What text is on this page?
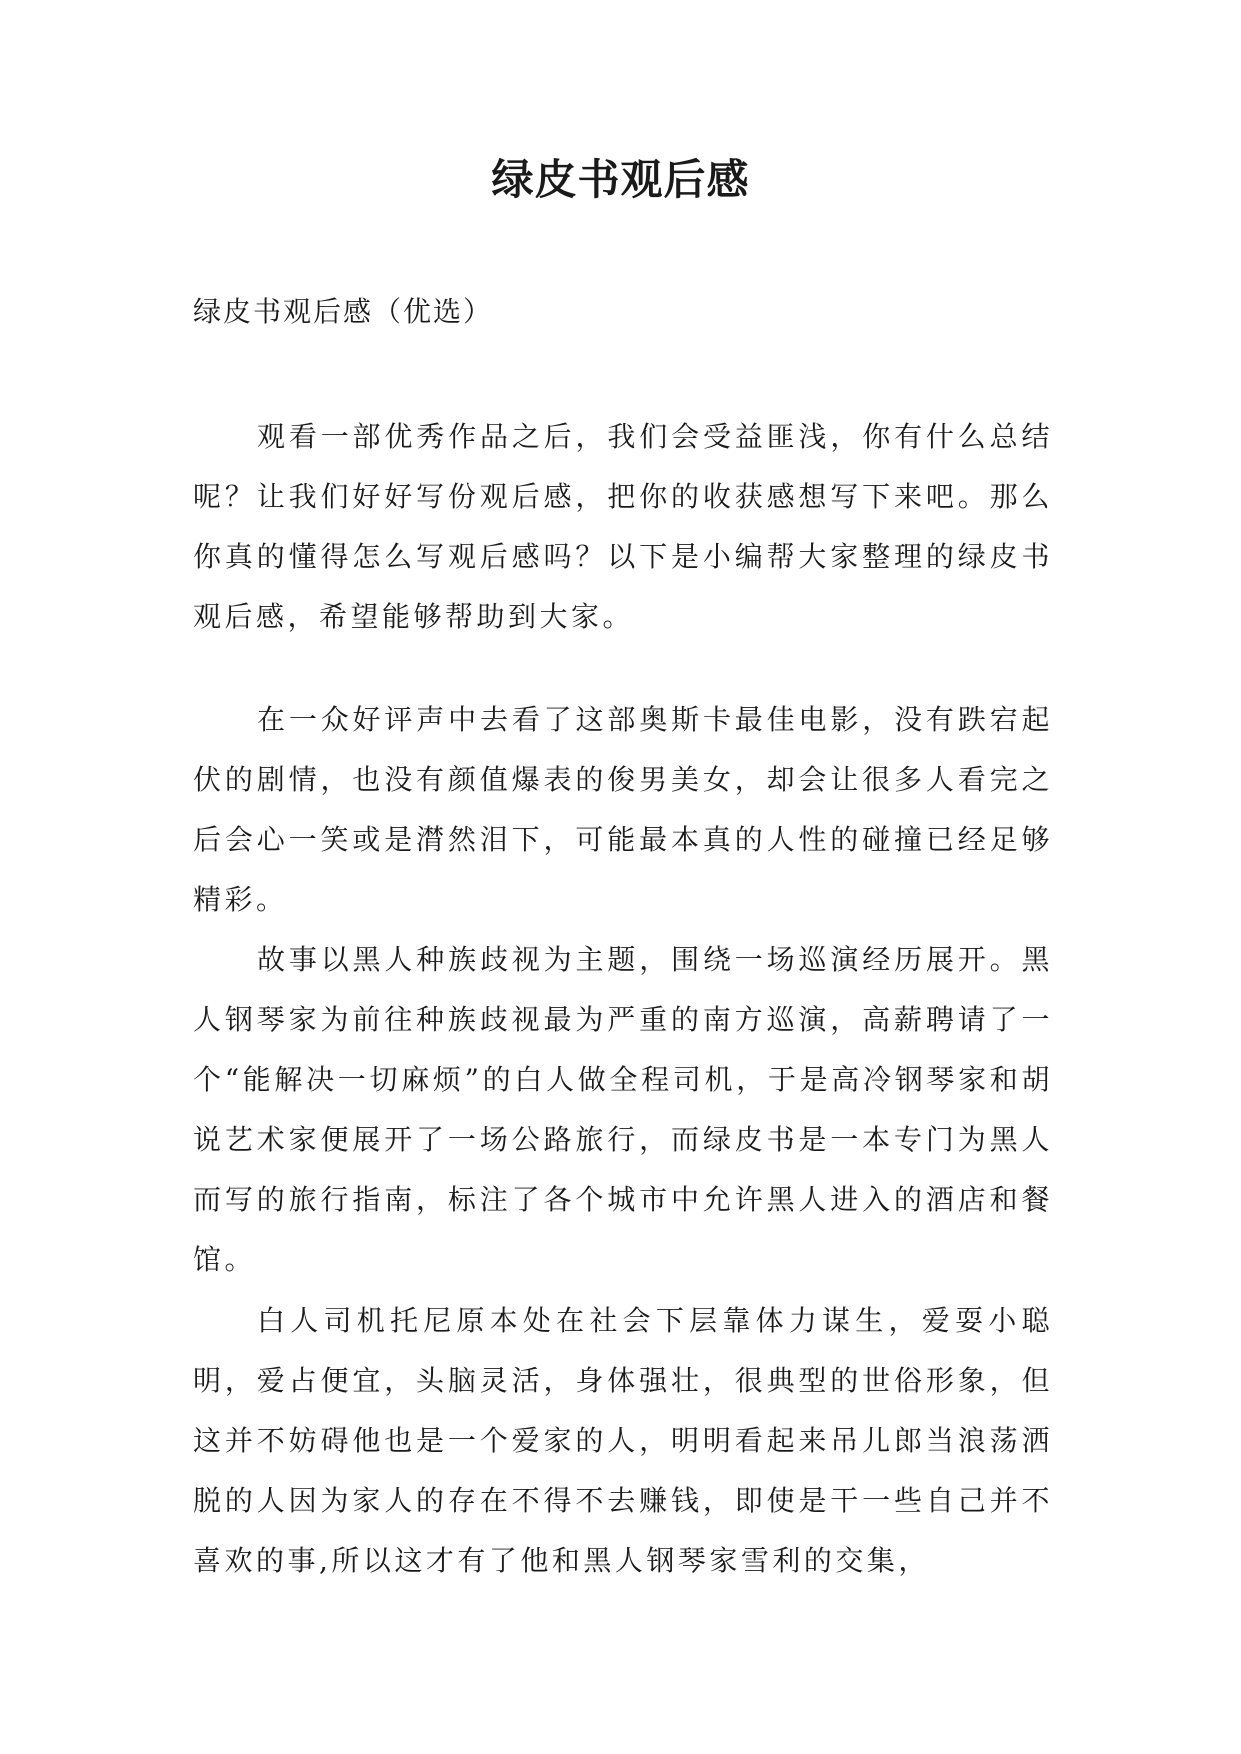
绿皮书观后感

绿皮书观后感（优选）

观看一部优秀作品之后，我们会受益匪浅，你有什么总结呢？让我们好好写份观后感，把你的收获感想写下来吧。那么你真的懂得怎么写观后感吗？以下是小编帮大家整理的绿皮书观后感，希望能够帮助到大家。

在一众好评声中去看了这部奥斯卡最佳电影，没有跌宕起伏的剧情，也没有颜值爆表的俊男美女，却会让很多人看完之后会心一笑或是潸然泪下，可能最本真的人性的碰撞已经足够精彩。

故事以黑人种族歧视为主题，围绕一场巡演经历展开。黑人钢琴家为前往种族歧视最为严重的南方巡演，高薪聘请了一个“能解决一切麻烦”的白人做全程司机，于是高冷钢琴家和胡说艺术家便展开了一场公路旅行，而绿皮书是一本专门为黑人而写的旅行指南，标注了各个城市中允许黑人进入的酒店和餐馆。

白人司机托尼原本处在社会下层靠体力谋生，爱耍小聪明，爱占便宜，头脑灵活，身体强壮，很典型的世俗形象，但这并不妨碍他也是一个爱家的人，明明看起来吊儿郎当浪荡洒脱的人因为家人的存在不得不去赚钱，即使是干一些自己并不喜欢的事,所以这才有了他和黑人钢琴家雪利的交集，
